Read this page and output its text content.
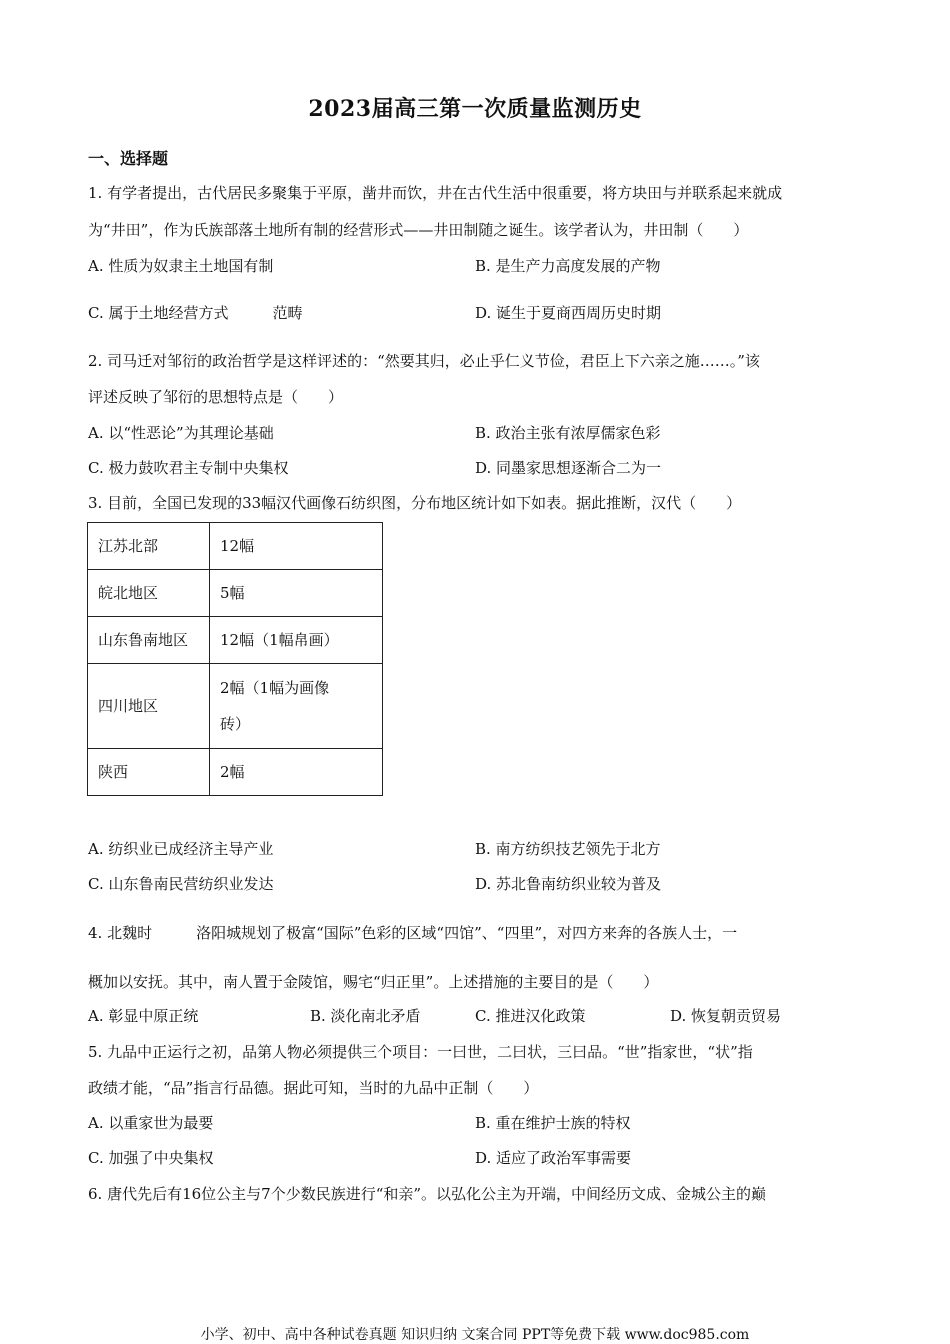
2023届高三第一次质量监测历史
一、选择题
1. 有学者提出，古代居民多聚集于平原，凿井而饮，井在古代生活中很重要，将方块田与并联系起来就成
为“井田”，作为氏族部落土地所有制的经营形式——井田制随之诞生。该学者认为，井田制（　　）
A. 性质为奴隶主土地国有制	B. 是生产力高度发展的产物
C. 属于土地经营方式	范畴	D. 诞生于夏商西周历史时期
2. 司马迁对邹衍的政治哲学是这样评述的：“然要其归，必止乎仁义节俭，君臣上下六亲之施……。”该
评述反映了邹衍的思想特点是（　　）
A. 以“性恶论”为其理论基础	B. 政治主张有浓厚儒家色彩
C. 极力鼓吹君主专制中央集权	D. 同墨家思想逐渐合二为一
3. 目前，全国已发现的33幅汉代画像石纺织图，分布地区统计如下如表。据此推断，汉代（　　）
江苏北部	12幅
皖北地区	5幅
山东鲁南地区	12幅（1幅帛画）
四川地区	2幅（1幅为画像
砖）

陕西	2幅
A. 纺织业已成经济主导产业	B. 南方纺织技艺领先于北方
C. 山东鲁南民营纺织业发达	D. 苏北鲁南纺织业较为普及
4. 北魏时	洛阳城规划了极富“国际”色彩的区域“四馆”、“四里”，对四方来奔的各族人士，一
概加以安抚。其中，南人置于金陵馆，赐宅“归正里”。上述措施的主要目的是（　　）
A. 彰显中原正统	B. 淡化南北矛盾	C. 推进汉化政策	D. 恢复朝贡贸易
5. 九品中正运行之初，品第人物必须提供三个项目：一曰世，二曰状，三曰品。“世”指家世，“状”指
政绩才能，“品”指言行品德。据此可知，当时的九品中正制（　　）
A. 以重家世为最要	B. 重在维护士族的特权
C. 加强了中央集权	D. 适应了政治军事需要
6. 唐代先后有16位公主与7个少数民族进行“和亲”。以弘化公主为开端，中间经历文成、金城公主的巅
小学、初中、高中各种试卷真题 知识归纳 文案合同 PPT等免费下载 www.doc985.com
